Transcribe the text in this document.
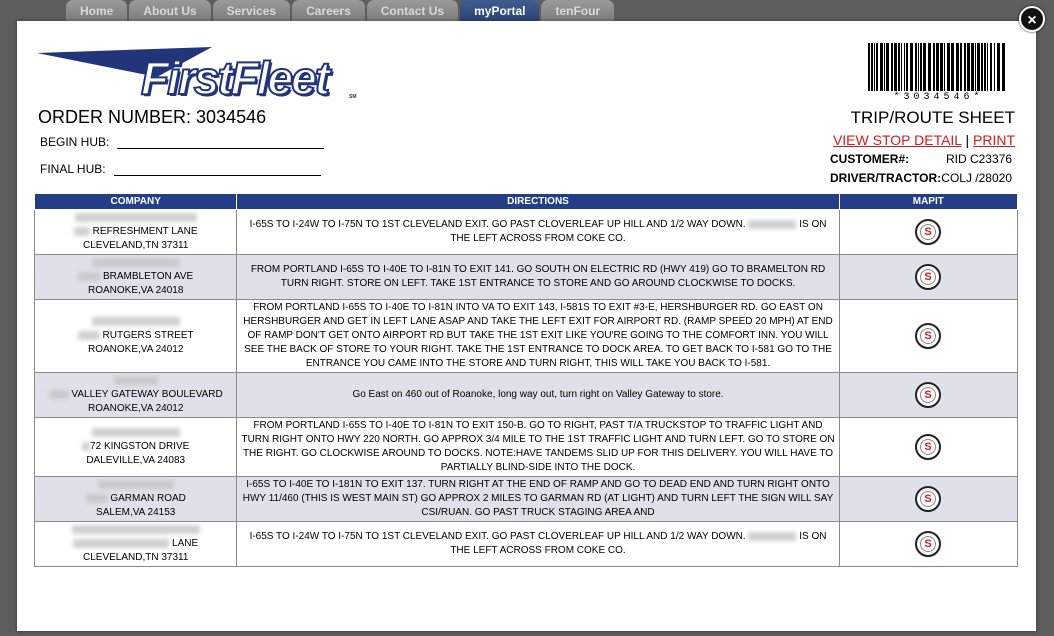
Home	About Us	Services	Careers	Contact Us	myPortal	tenFour
FirstFleet	SM
ORDER NUMBER: 3034546
BEGIN HUB:
FINAL HUB:
*3034546*
TRIP/ROUTE SHEET
VIEW STOP DETAIL | PRINT
CUSTOMER#:	RID C23376
DRIVER/TRACTOR: COLJ /28020
COMPANY	DIRECTIONS	MAPIT

REFRESHMENT LANE
CLEVELAND,TN 37311	I-65S TO I-24W TO I-75N TO 1ST CLEVELAND EXIT. GO PAST CLOVERLEAF UP HILL AND 1/2 WAY DOWN. IS ON THE LEFT ACROSS FROM COKE CO.	S

BRAMBLETON AVE
ROANOKE,VA 24018	FROM PORTLAND I-65S TO I-40E TO I-81N TO EXIT 141. GO SOUTH ON ELECTRIC RD (HWY 419) GO TO BRAMELTON RD TURN RIGHT. STORE ON LEFT. TAKE 1ST ENTRANCE TO STORE AND GO AROUND CLOCKWISE TO DOCKS.	S

RUTGERS STREET
ROANOKE,VA 24012	FROM PORTLAND I-65S TO I-40E TO I-81N INTO VA TO EXIT 143, I-581S TO EXIT #3-E, HERSHBURGER RD. GO EAST ON HERSHBURGER AND GET IN LEFT LANE ASAP AND TAKE THE LEFT EXIT FOR AIRPORT RD. (RAMP SPEED 20 MPH) AT END OF RAMP DON'T GET ONTO AIRPORT RD BUT TAKE THE 1ST EXIT LIKE YOU'RE GOING TO THE COMFORT INN. YOU WILL SEE THE BACK OF STORE TO YOUR RIGHT. TAKE THE 1ST ENTRANCE TO DOCK AREA. TO GET BACK TO I-581 GO TO THE ENTRANCE YOU CAME INTO THE STORE AND TURN RIGHT, THIS WILL TAKE YOU BACK TO I-581.	S

VALLEY GATEWAY BOULEVARD
ROANOKE,VA 24012	Go East on 460 out of Roanoke, long way out, turn right on Valley Gateway to store.	S

72 KINGSTON DRIVE
DALEVILLE,VA 24083	FROM PORTLAND I-65S TO I-40E TO I-81N TO EXIT 150-B. GO TO RIGHT, PAST T/A TRUCKSTOP TO TRAFFIC LIGHT AND TURN RIGHT ONTO HWY 220 NORTH. GO APPROX 3/4 MILE TO THE 1ST TRAFFIC LIGHT AND TURN LEFT. GO TO STORE ON THE RIGHT. GO CLOCKWISE AROUND TO DOCKS. NOTE:HAVE TANDEMS SLID UP FOR THIS DELIVERY. YOU WILL HAVE TO PARTIALLY BLIND-SIDE INTO THE DOCK.	S

GARMAN ROAD
SALEM,VA 24153	I-65S TO I-40E TO I-181N TO EXIT 137. TURN RIGHT AT THE END OF RAMP AND GO TO DEAD END AND TURN RIGHT ONTO HWY 11/460 (THIS IS WEST MAIN ST) GO APPROX 2 MILES TO GARMAN RD (AT LIGHT) AND TURN LEFT THE SIGN WILL SAY CSI/RUAN. GO PAST TRUCK STAGING AREA AND	S

LANE
CLEVELAND,TN 37311	I-65S TO I-24W TO I-75N TO 1ST CLEVELAND EXIT. GO PAST CLOVERLEAF UP HILL AND 1/2 WAY DOWN. IS ON THE LEFT ACROSS FROM COKE CO.	S
×
